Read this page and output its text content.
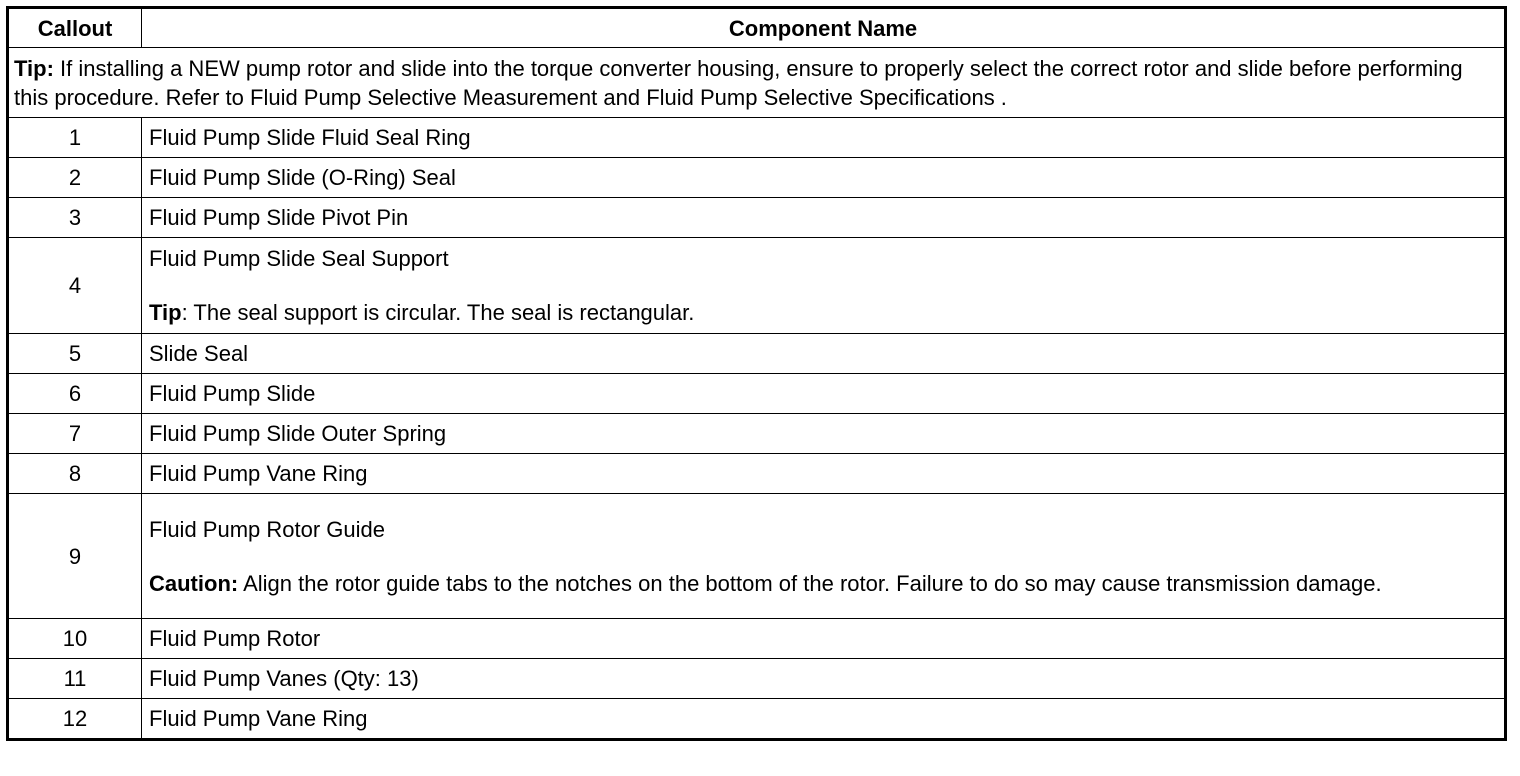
Callout	Component Name
Tip: If installing a NEW pump rotor and slide into the torque converter housing, ensure to properly select the correct rotor and slide before performing this procedure. Refer to Fluid Pump Selective Measurement and Fluid Pump Selective Specifications .	
1	Fluid Pump Slide Fluid Seal Ring
2	Fluid Pump Slide (O-Ring) Seal
3	Fluid Pump Slide Pivot Pin
4	Fluid Pump Slide Seal Support
Tip: The seal support is circular. The seal is rectangular.
5	Slide Seal
6	Fluid Pump Slide
7	Fluid Pump Slide Outer Spring
8	Fluid Pump Vane Ring
9	Fluid Pump Rotor Guide
Caution: Align the rotor guide tabs to the notches on the bottom of the rotor. Failure to do so may cause transmission damage.
10	Fluid Pump Rotor
11	Fluid Pump Vanes (Qty: 13)
12	Fluid Pump Vane Ring
